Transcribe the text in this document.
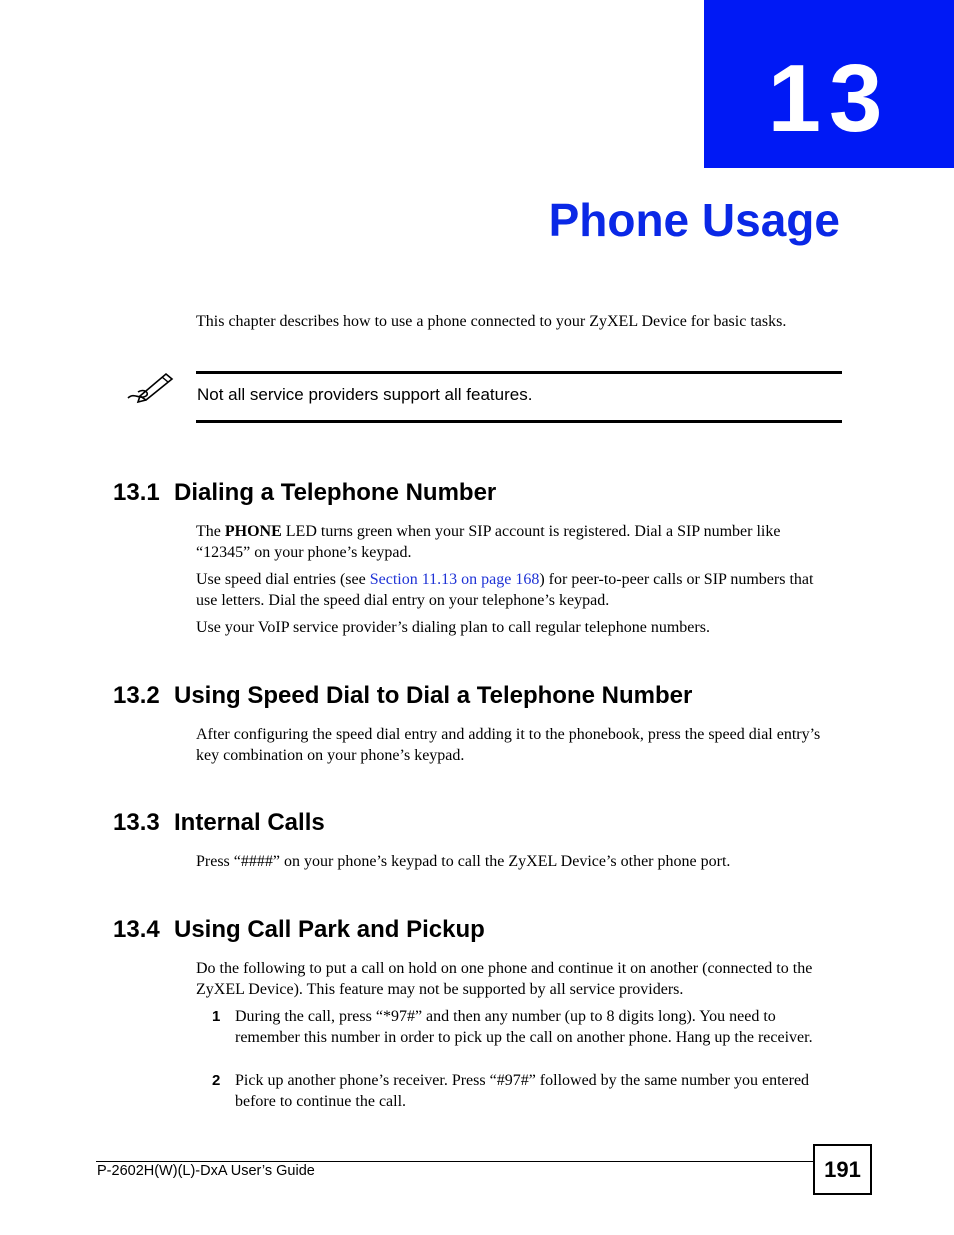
13
Phone Usage
This chapter describes how to use a phone connected to your ZyXEL Device for basic tasks.
Not all service providers support all features.
13.1 Dialing a Telephone Number
The PHONE LED turns green when your SIP account is registered. Dial a SIP number like “12345” on your phone’s keypad.
Use speed dial entries (see Section 11.13 on page 168) for peer-to-peer calls or SIP numbers that use letters. Dial the speed dial entry on your telephone’s keypad.
Use your VoIP service provider’s dialing plan to call regular telephone numbers.
13.2 Using Speed Dial to Dial a Telephone Number
After configuring the speed dial entry and adding it to the phonebook, press the speed dial entry’s key combination on your phone’s keypad.
13.3 Internal Calls
Press “####” on your phone’s keypad to call the ZyXEL Device’s other phone port.
13.4 Using Call Park and Pickup
Do the following to put a call on hold on one phone and continue it on another (connected to the ZyXEL Device). This feature may not be supported by all service providers.
1 During the call, press “*97#” and then any number (up to 8 digits long). You need to remember this number in order to pick up the call on another phone. Hang up the receiver.
2 Pick up another phone’s receiver. Press “#97#” followed by the same number you entered before to continue the call.
P-2602H(W)(L)-DxA User’s Guide	191
